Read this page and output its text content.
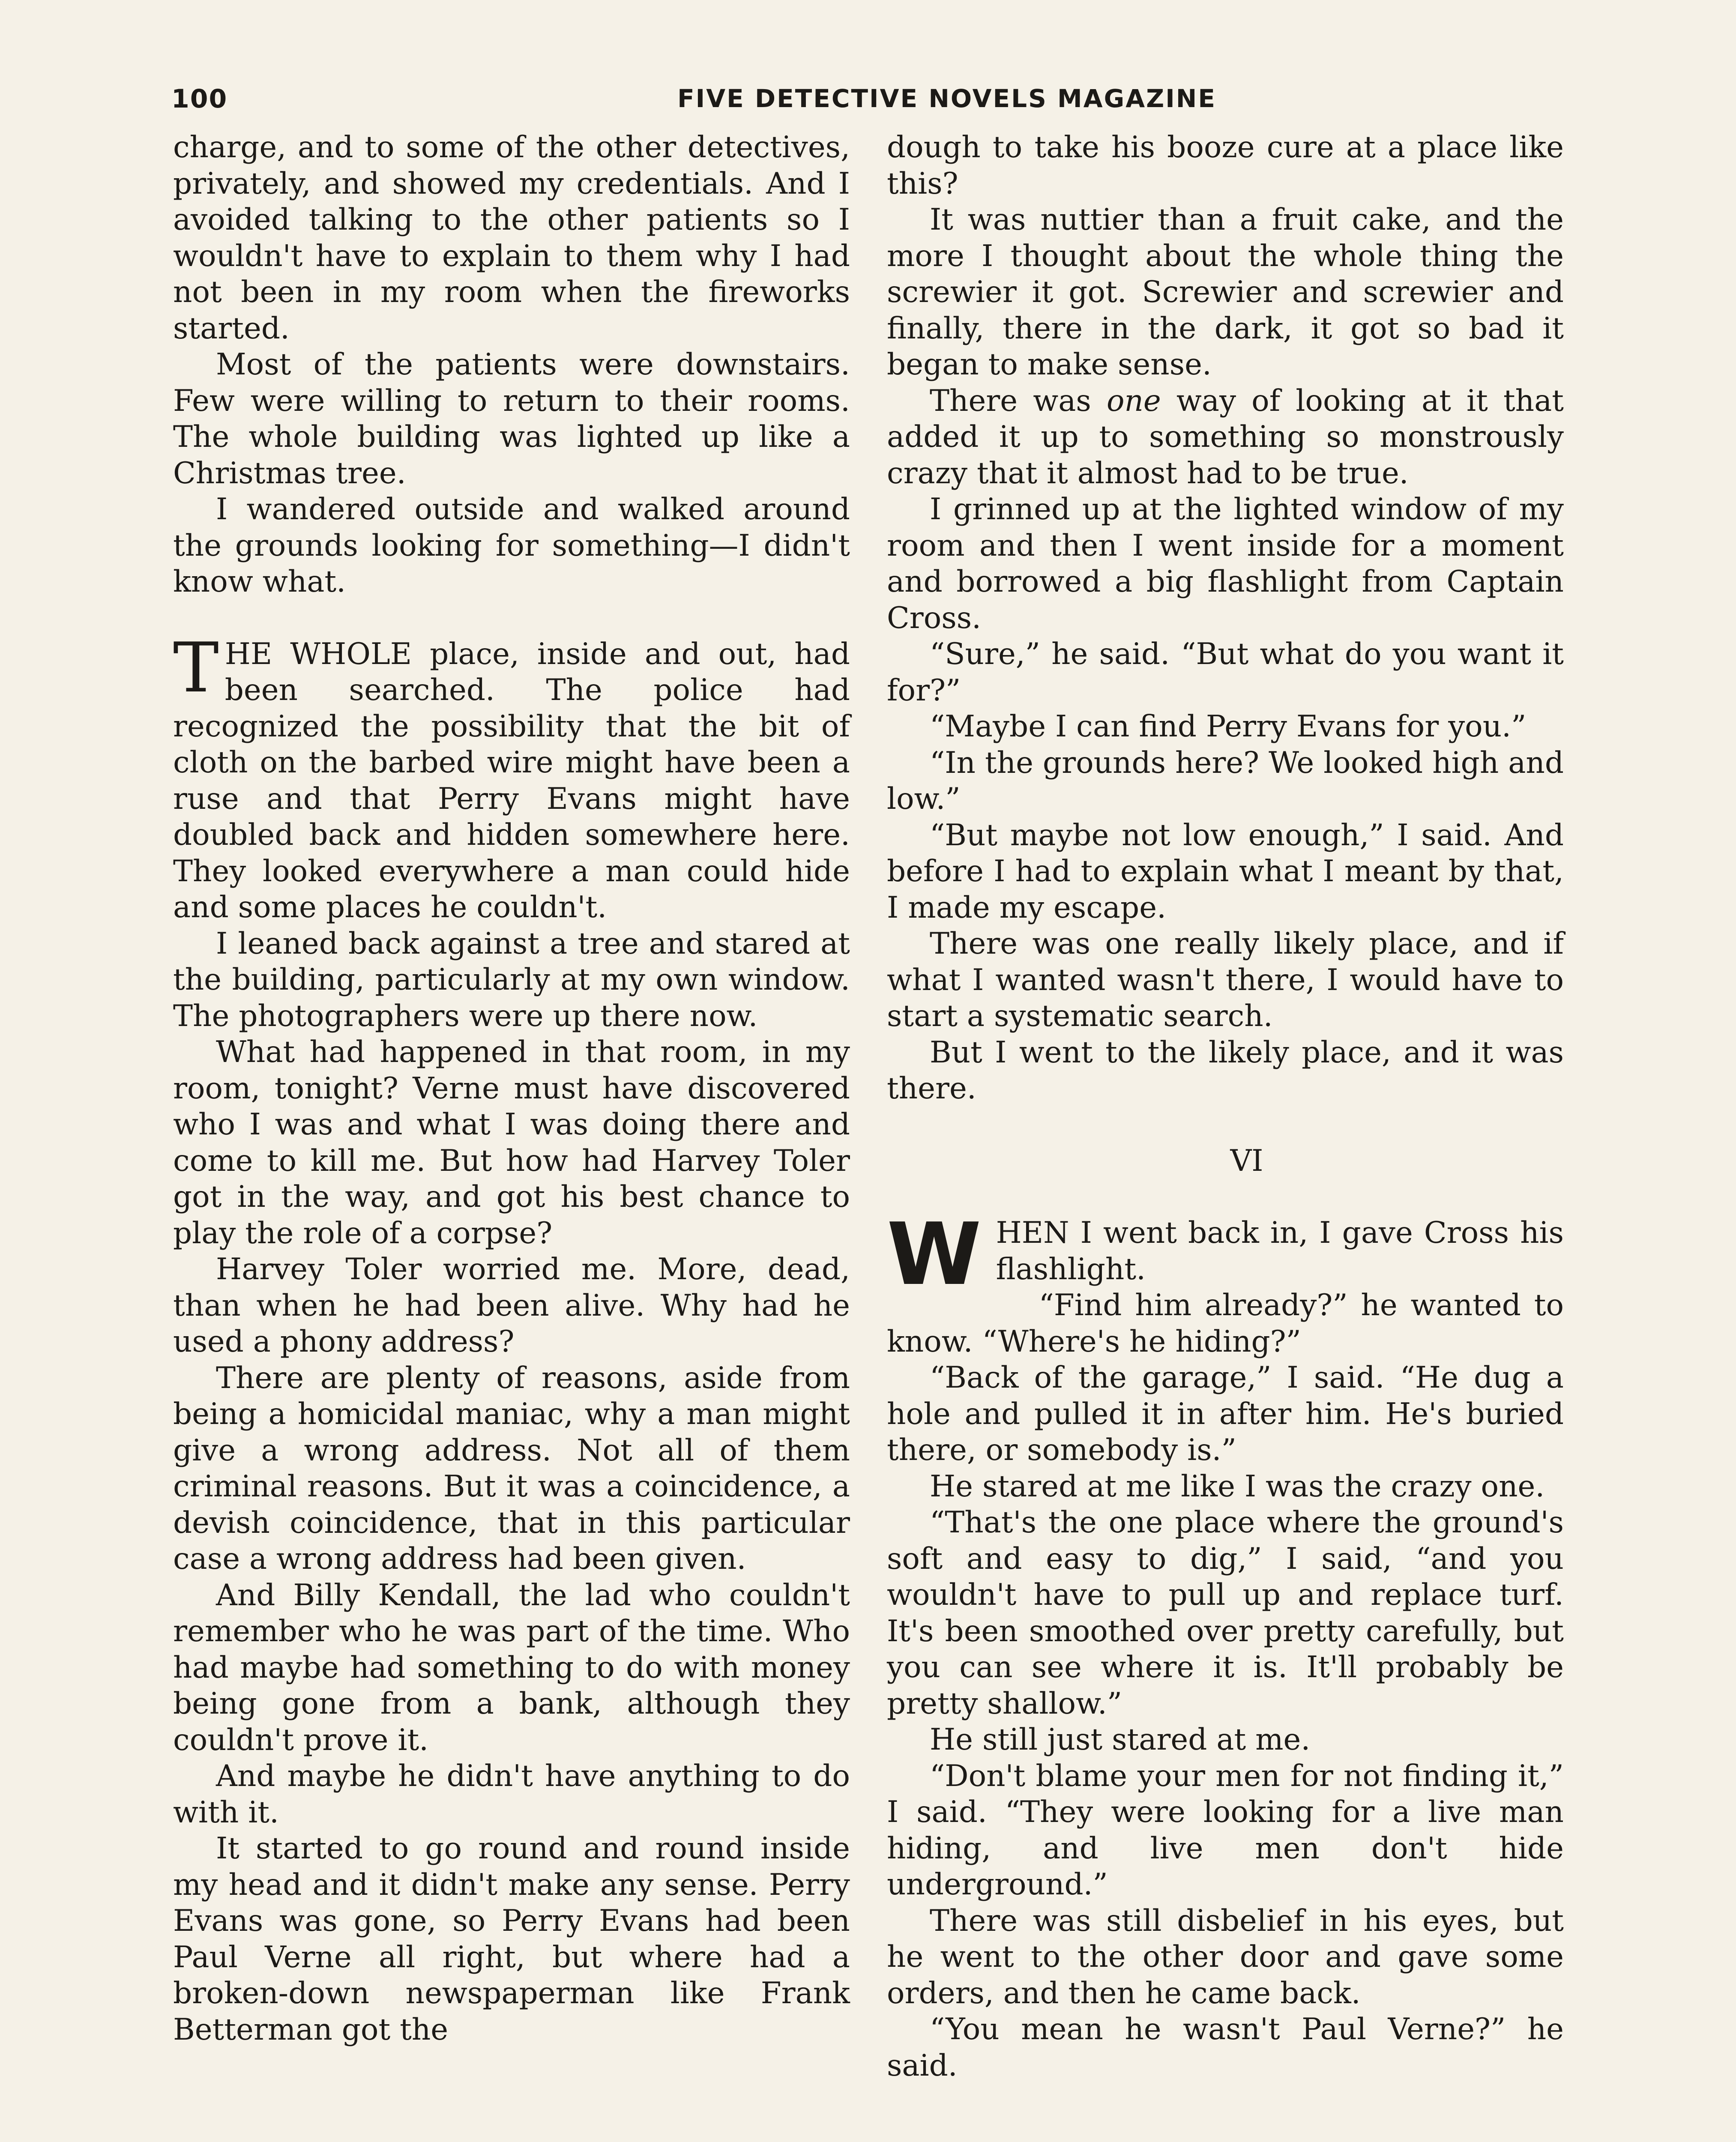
100	FIVE DETECTIVE NOVELS MAGAZINE

charge, and to some of the other detectives, privately, and showed my credentials. And I avoided talking to the other patients so I wouldn't have to explain to them why I had not been in my room when the fireworks started.

Most of the patients were downstairs. Few were willing to return to their rooms. The whole building was lighted up like a Christmas tree.

I wandered outside and walked around the grounds looking for something—I didn't know what.

THE WHOLE place, inside and out, had been searched. The police had recognized the possibility that the bit of cloth on the barbed wire might have been a ruse and that Perry Evans might have doubled back and hidden somewhere here. They looked everywhere a man could hide and some places he couldn't.

I leaned back against a tree and stared at the building, particularly at my own window. The photographers were up there now.

What had happened in that room, in my room, tonight? Verne must have discovered who I was and what I was doing there and come to kill me. But how had Harvey Toler got in the way, and got his best chance to play the role of a corpse?

Harvey Toler worried me. More, dead, than when he had been alive. Why had he used a phony address?

There are plenty of reasons, aside from being a homicidal maniac, why a man might give a wrong address. Not all of them criminal reasons. But it was a coincidence, a devish coincidence, that in this particular case a wrong address had been given.

And Billy Kendall, the lad who couldn't remember who he was part of the time. Who had maybe had something to do with money being gone from a bank, although they couldn't prove it.

And maybe he didn't have anything to do with it.

It started to go round and round inside my head and it didn't make any sense. Perry Evans was gone, so Perry Evans had been Paul Verne all right, but where had a broken-down newspaperman like Frank Betterman got the

dough to take his booze cure at a place like this?

It was nuttier than a fruit cake, and the more I thought about the whole thing the screwier it got. Screwier and screwier and finally, there in the dark, it got so bad it began to make sense.

There was one way of looking at it that added it up to something so monstrously crazy that it almost had to be true.

I grinned up at the lighted window of my room and then I went inside for a moment and borrowed a big flashlight from Captain Cross.

“Sure,” he said. “But what do you want it for?”

“Maybe I can find Perry Evans for you.”

“In the grounds here? We looked high and low.”

“But maybe not low enough,” I said. And before I had to explain what I meant by that, I made my escape.

There was one really likely place, and if what I wanted wasn't there, I would have to start a systematic search.

But I went to the likely place, and it was there.

VI

WHEN I went back in, I gave Cross his flashlight.

“Find him already?” he wanted to know. “Where's he hiding?”

“Back of the garage,” I said. “He dug a hole and pulled it in after him. He's buried there, or somebody is.”

He stared at me like I was the crazy one.

“That's the one place where the ground's soft and easy to dig,” I said, “and you wouldn't have to pull up and replace turf. It's been smoothed over pretty carefully, but you can see where it is. It'll probably be pretty shallow.”

He still just stared at me.

“Don't blame your men for not finding it,” I said. “They were looking for a live man hiding, and live men don't hide underground.”

There was still disbelief in his eyes, but he went to the other door and gave some orders, and then he came back.

“You mean he wasn't Paul Verne?” he said.
